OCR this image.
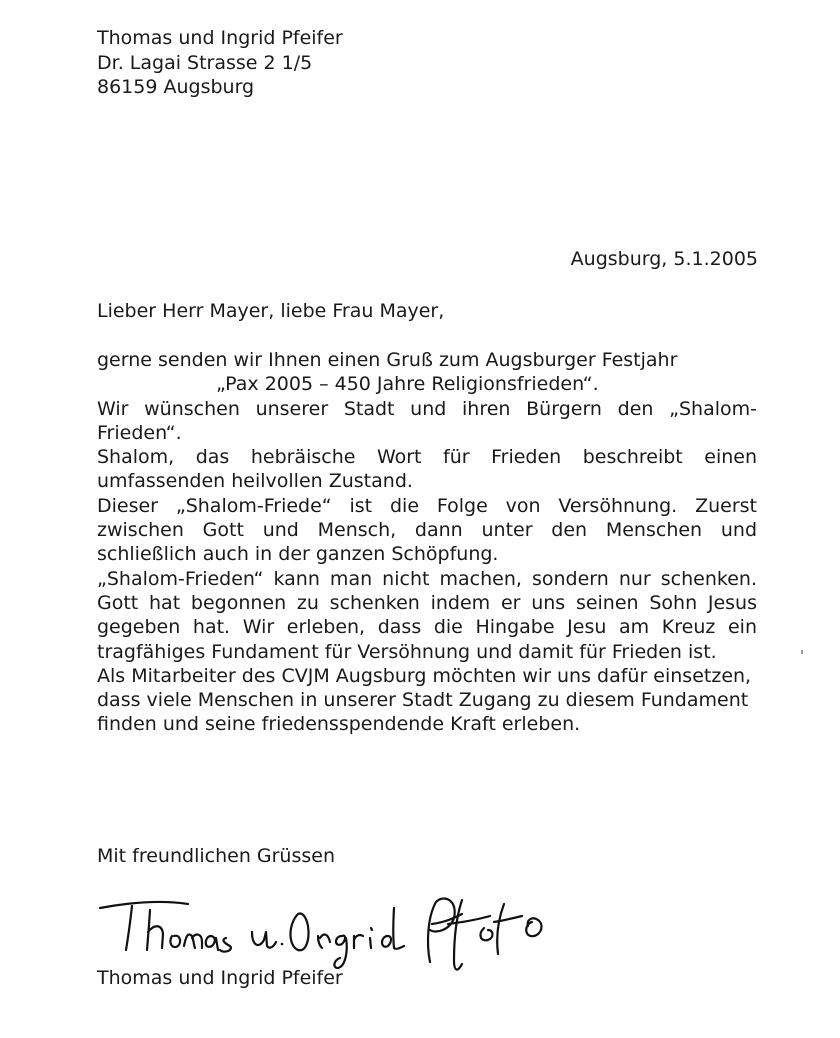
Thomas und Ingrid Pfeifer
Dr. Lagai Strasse 2 1/5
86159 Augsburg
Augsburg, 5.1.2005
Lieber Herr Mayer, liebe Frau Mayer,

gerne senden wir Ihnen einen Gruß zum Augsburger Festjahr

„Pax 2005 – 450 Jahre Religionsfrieden“.

Wir wünschen unserer Stadt und ihren Bürgern den „Shalom-Frieden“.

Shalom, das hebräische Wort für Frieden beschreibt einen umfassenden heilvollen Zustand.

Dieser „Shalom-Friede“ ist die Folge von Versöhnung. Zuerst zwischen Gott und Mensch, dann unter den Menschen und schließlich auch in der ganzen Schöpfung.

„Shalom-Frieden“ kann man nicht machen, sondern nur schenken. Gott hat begonnen zu schenken indem er uns seinen Sohn Jesus gegeben hat. Wir erleben, dass die Hingabe Jesu am Kreuz ein tragfähiges Fundament für Versöhnung und damit für Frieden ist.

Als Mitarbeiter des CVJM Augsburg möchten wir uns dafür einsetzen, dass viele Menschen in unserer Stadt Zugang zu diesem Fundament finden und seine friedensspendende Kraft erleben.

Mit freundlichen Grüssen
Thomas und Ingrid Pfeifer
